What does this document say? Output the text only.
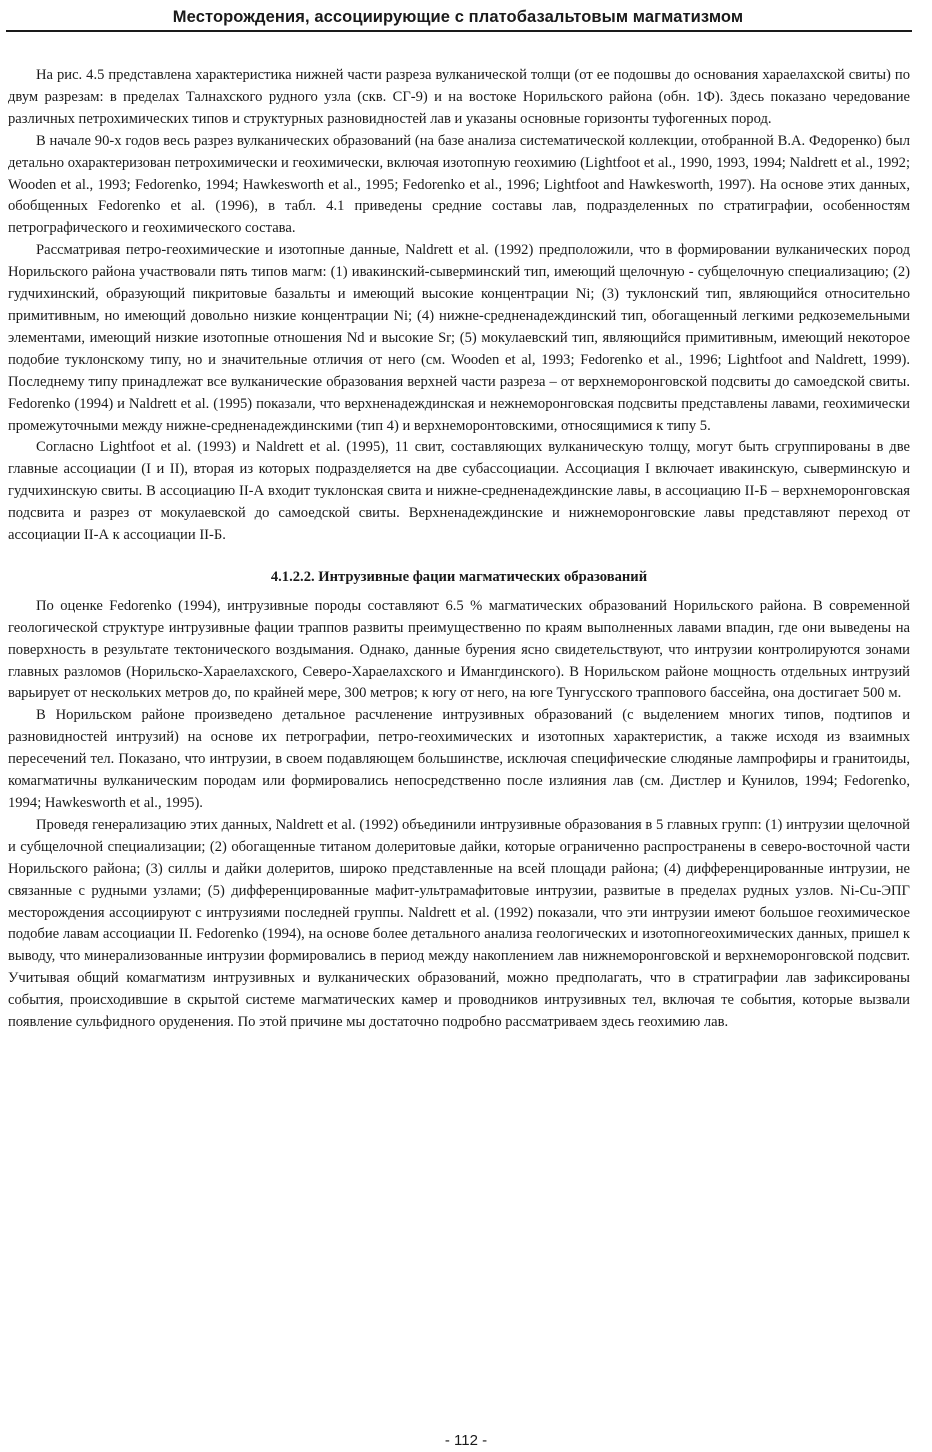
Месторождения, ассоциирующие с платобазальтовым магматизмом

На рис. 4.5 представлена характеристика нижней части разреза вулканической толщи (от ее подошвы до основания хараелахской свиты) по двум разрезам: в пределах Талнахского рудного узла (скв. СГ-9) и на востоке Норильского района (обн. 1Ф). Здесь показано чередование различных петрохимических типов и структурных разновидностей лав и указаны основные горизонты туфогенных пород.

В начале 90-х годов весь разрез вулканических образований (на базе анализа систематической коллекции, отобранной В.А. Федоренко) был детально охарактеризован петрохимически и геохимически, включая изотопную геохимию (Lightfoot et al., 1990, 1993, 1994; Naldrett et al., 1992; Wooden et al., 1993; Fedorenko, 1994; Hawkesworth et al., 1995; Fedorenko et al., 1996; Lightfoot and Hawkesworth, 1997). На основе этих данных, обобщенных Fedorenko et al. (1996), в табл. 4.1 приведены средние составы лав, подразделенных по стратиграфии, особенностям петрографического и геохимического состава.

Рассматривая петро-геохимические и изотопные данные, Naldrett et al. (1992) предположили, что в формировании вулканических пород Норильского района участвовали пять типов магм: (1) ивакинский-сыверминский тип, имеющий щелочную - субщелочную специализацию; (2) гудчихинский, образующий пикритовые базальты и имеющий высокие концентрации Ni; (3) туклонский тип, являющийся относительно примитивным, но имеющий довольно низкие концентрации Ni; (4) нижне-средненадеждинский тип, обогащенный легкими редкоземельными элементами, имеющий низкие изотопные отношения Nd и высокие Sr; (5) мокулаевский тип, являющийся примитивным, имеющий некоторое подобие туклонскому типу, но и значительные отличия от него (см. Wooden et al, 1993; Fedorenko et al., 1996; Lightfoot and Naldrett, 1999). Последнему типу принадлежат все вулканические образования верхней части разреза – от верхнеморонговской подсвиты до самоедской свиты. Fedorenko (1994) и Naldrett et al. (1995) показали, что верхненадеждинская и нежнеморонговская подсвиты представлены лавами, геохимически промежуточными между нижне-средненадеждинскими (тип 4) и верхнеморонтовскими, относящимися к типу 5.

Согласно Lightfoot et al. (1993) и Naldrett et al. (1995), 11 свит, составляющих вулканическую толщу, могут быть сгруппированы в две главные ассоциации (I и II), вторая из которых подразделяется на две субассоциации. Ассоциация I включает ивакинскую, сыверминскую и гудчихинскую свиты. В ассоциацию II-А входит туклонская свита и нижне-средненадеждинские лавы, в ассоциацию II-Б – верхнеморонговская подсвита и разрез от мокулаевской до самоедской свиты. Верхненадеждинские и нижнеморонговские лавы представляют переход от ассоциации II-А к ассоциации II-Б.

4.1.2.2. Интрузивные фации магматических образований

По оценке Fedorenko (1994), интрузивные породы составляют 6.5 % магматических образований Норильского района. В современной геологической структуре интрузивные фации траппов развиты преимущественно по краям выполненных лавами впадин, где они выведены на поверхность в результате тектонического воздымания. Однако, данные бурения ясно свидетельствуют, что интрузии контролируются зонами главных разломов (Норильско-Хараелахского, Северо-Хараелахского и Имангдинского). В Норильском районе мощность отдельных интрузий варьирует от нескольких метров до, по крайней мере, 300 метров; к югу от него, на юге Тунгусского траппового бассейна, она достигает 500 м.

В Норильском районе произведено детальное расчленение интрузивных образований (с выделением многих типов, подтипов и разновидностей интрузий) на основе их петрографии, петро-геохимических и изотопных характеристик, а также исходя из взаимных пересечений тел. Показано, что интрузии, в своем подавляющем большинстве, исключая специфические слюдяные лампрофиры и гранитоиды, комагматичны вулканическим породам или формировались непосредственно после излияния лав (см. Дистлер и Кунилов, 1994; Fedorenko, 1994; Hawkesworth et al., 1995).

Проведя генерализацию этих данных, Naldrett et al. (1992) объединили интрузивные образования в 5 главных групп: (1) интрузии щелочной и субщелочной специализации; (2) обогащенные титаном долеритовые дайки, которые ограниченно распространены в северо-восточной части Норильского района; (3) силлы и дайки долеритов, широко представленные на всей площади района; (4) дифференцированные интрузии, не связанные с рудными узлами; (5) дифференцированные мафит-ультрамафитовые интрузии, развитые в пределах рудных узлов. Ni-Cu-ЭПГ месторождения ассоциируют с интрузиями последней группы. Naldrett et al. (1992) показали, что эти интрузии имеют большое геохимическое подобие лавам ассоциации II. Fedorenko (1994), на основе более детального анализа геологических и изотопногеохимических данных, пришел к выводу, что минерализованные интрузии формировались в период между накоплением лав нижнеморонговской и верхнеморонговской подсвит. Учитывая общий комагматизм интрузивных и вулканических образований, можно предполагать, что в стратиграфии лав зафиксированы события, происходившие в скрытой системе магматических камер и проводников интрузивных тел, включая те события, которые вызвали появление сульфидного оруденения. По этой причине мы достаточно подробно рассматриваем здесь геохимию лав.

- 112 -
